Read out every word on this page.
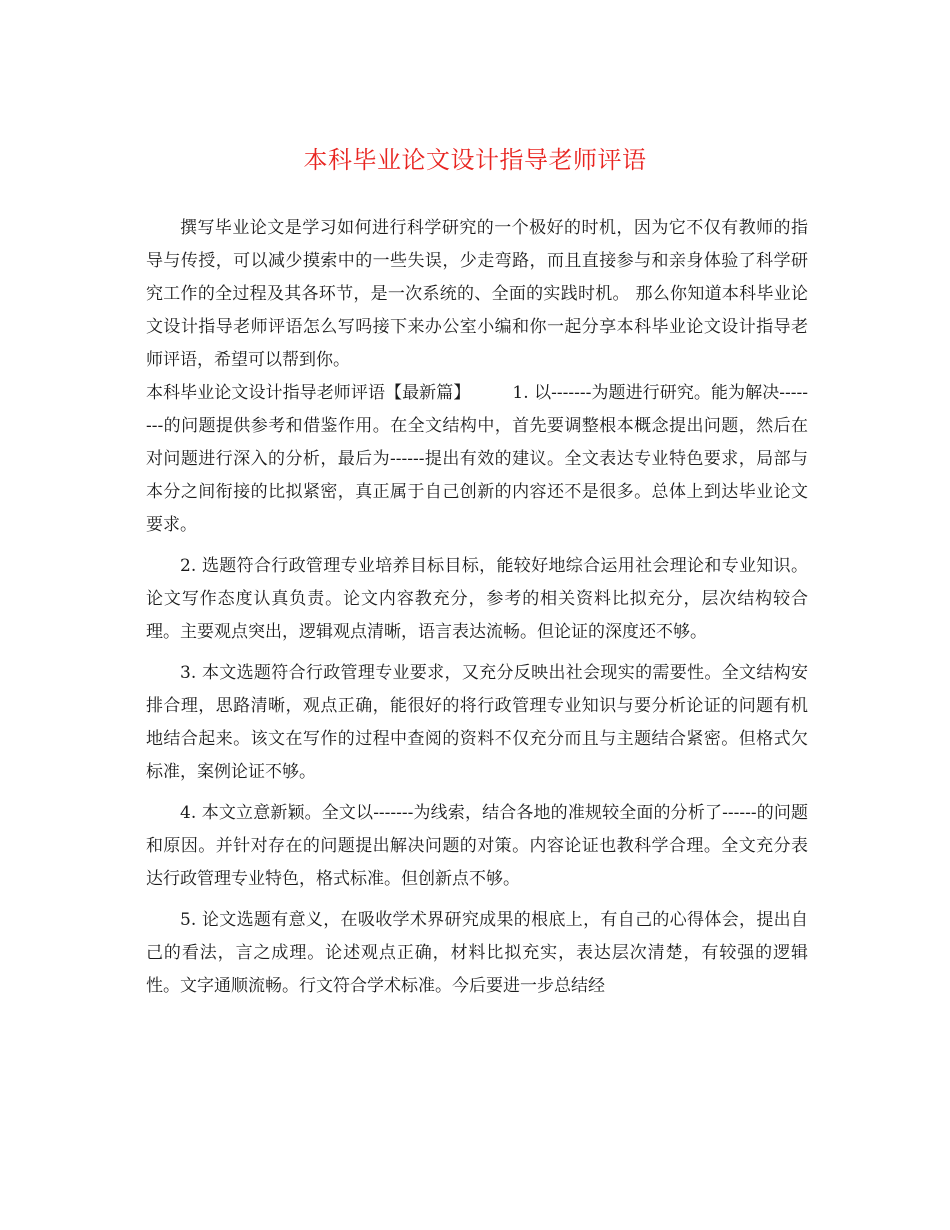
本科毕业论文设计指导老师评语

撰写毕业论文是学习如何进行科学研究的一个极好的时机，因为它不仅有教师的指导与传授，可以减少摸索中的一些失误，少走弯路，而且直接参与和亲身体验了科学研究工作的全过程及其各环节，是一次系统的、全面的实践时机。 那么你知道本科毕业论文设计指导老师评语怎么写吗接下来办公室小编和你一起分享本科毕业论文设计指导老师评语，希望可以帮到你。

本科毕业论文设计指导老师评语【最新篇】 1. 以-------为题进行研究。能为解决--------的问题提供参考和借鉴作用。在全文结构中，首先要调整根本概念提出问题，然后在对问题进行深入的分析，最后为------提出有效的建议。全文表达专业特色要求，局部与本分之间衔接的比拟紧密，真正属于自己创新的内容还不是很多。总体上到达毕业论文要求。

2. 选题符合行政管理专业培养目标目标，能较好地综合运用社会理论和专业知识。论文写作态度认真负责。论文内容教充分，参考的相关资料比拟充分，层次结构较合理。主要观点突出，逻辑观点清晰，语言表达流畅。但论证的深度还不够。

3. 本文选题符合行政管理专业要求，又充分反映出社会现实的需要性。全文结构安排合理，思路清晰，观点正确，能很好的将行政管理专业知识与要分析论证的问题有机地结合起来。该文在写作的过程中查阅的资料不仅充分而且与主题结合紧密。但格式欠标准，案例论证不够。

4. 本文立意新颖。全文以-------为线索，结合各地的准规较全面的分析了------的问题和原因。并针对存在的问题提出解决问题的对策。内容论证也教科学合理。全文充分表达行政管理专业特色，格式标准。但创新点不够。

5. 论文选题有意义，在吸收学术界研究成果的根底上，有自己的心得体会，提出自己的看法，言之成理。论述观点正确，材料比拟充实，表达层次清楚，有较强的逻辑性。文字通顺流畅。行文符合学术标准。今后要进一步总结经
